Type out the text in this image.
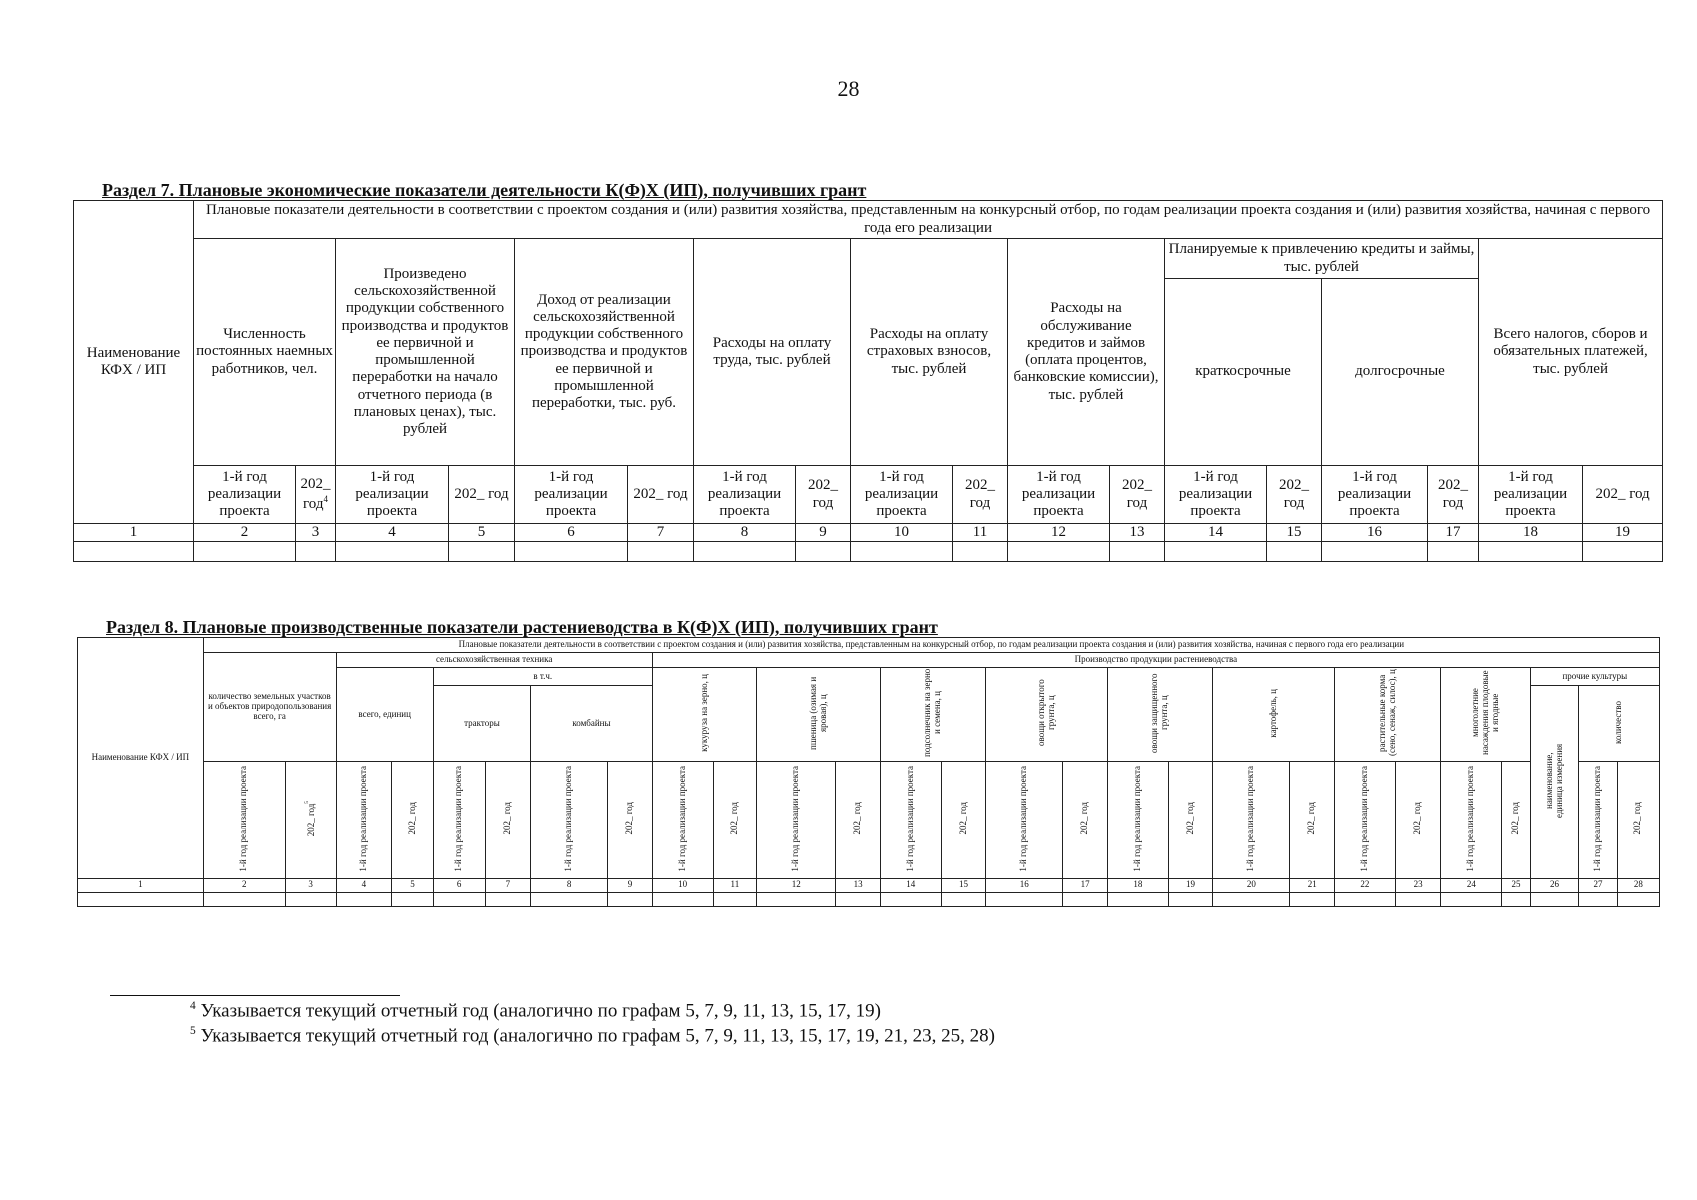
28
Раздел 7. Плановые экономические показатели деятельности К(Ф)Х (ИП), получивших грант
Наименование КФХ / ИП	Плановые показатели деятельности в соответствии с проектом создания и (или) развития хозяйства, представленным на конкурсный отбор, по годам реализации проекта создания и (или) развития хозяйства, начиная с первого года его реализации																	
	Численность постоянных наемных работников, чел.		Произведено сельскохозяйственной продукции собственного производства и продуктов ее первичной и промышленной переработки на начало отчетного периода (в плановых ценах), тыс. рублей		Доход от реализации сельскохозяйственной продукции собственного производства и продуктов ее первичной и промышленной переработки, тыс. руб.		Расходы на оплату труда, тыс. рублей		Расходы на оплату страховых взносов, тыс. рублей		Расходы на обслуживание кредитов и займов (оплата процентов, банковские комиссии), тыс. рублей		Планируемые к привлечению кредиты и займы, тыс. рублей				Всего налогов, сборов и обязательных платежей, тыс. рублей	
													краткосрочные		долгосрочные			
	1-й год реализации проекта	202_ год$^4$	1-й год реализации проекта	202_ год	1-й год реализации проекта	202_ год	1-й год реализации проекта	202_ год	1-й год реализации проекта	202_ год	1-й год реализации проекта	202_ год	1-й год реализации проекта	202_ год	1-й год реализации проекта	202_ год	1-й год реализации проекта	202_ год
1	2	3	4	5	6	7	8	9	10	11	12	13	14	15	16	17	18	19

Раздел 8. Плановые производственные показатели растениеводства в К(Ф)Х (ИП), получивших грант
Наименование КФХ / ИП	Плановые показатели деятельности в соответствии с проектом создания и (или) развития хозяйства, представленным на конкурсный отбор, по годам реализации проекта создания и (или) развития хозяйства, начиная с первого года его реализации																										
	количество земельных участков и объектов природопользования всего, га		сельскохозяйственная техника						Производство продукции растениеводства																		
			всего, единиц		в т.ч.				кукуруза на зерно, ц		пшеница (озимая и яровая), ц		подсолнечник на зерно и семена, ц		овощи открытого грунта, ц		овощи защищенного грунта, ц		картофель, ц		растительные корма (сено, сенаж, силос), ц		многолетние насаждения плодовые и ягодные		прочие культуры		
					тракторы		комбайны																		наименование, единица измерения	количество	
	1-й год реализации проекта	202_ год$^5$	1-й год реализации проекта	202_ год	1-й год реализации проекта	202_ год	1-й год реализации проекта	202_ год	1-й год реализации проекта	202_ год	1-й год реализации проекта	202_ год	1-й год реализации проекта	202_ год	1-й год реализации проекта	202_ год	1-й год реализации проекта	202_ год	1-й год реализации проекта	202_ год	1-й год реализации проекта	202_ год	1-й год реализации проекта	202_ год		1-й год реализации проекта	202_ год
1	2	3	4	5	6	7	8	9	10	11	12	13	14	15	16	17	18	19	20	21	22	23	24	25	26	27	28

$^4$ Указывается текущий отчетный год (аналогично по графам 5, 7, 9, 11, 13, 15, 17, 19)
$^5$ Указывается текущий отчетный год (аналогично по графам 5, 7, 9, 11, 13, 15, 17, 19, 21, 23, 25, 28)
